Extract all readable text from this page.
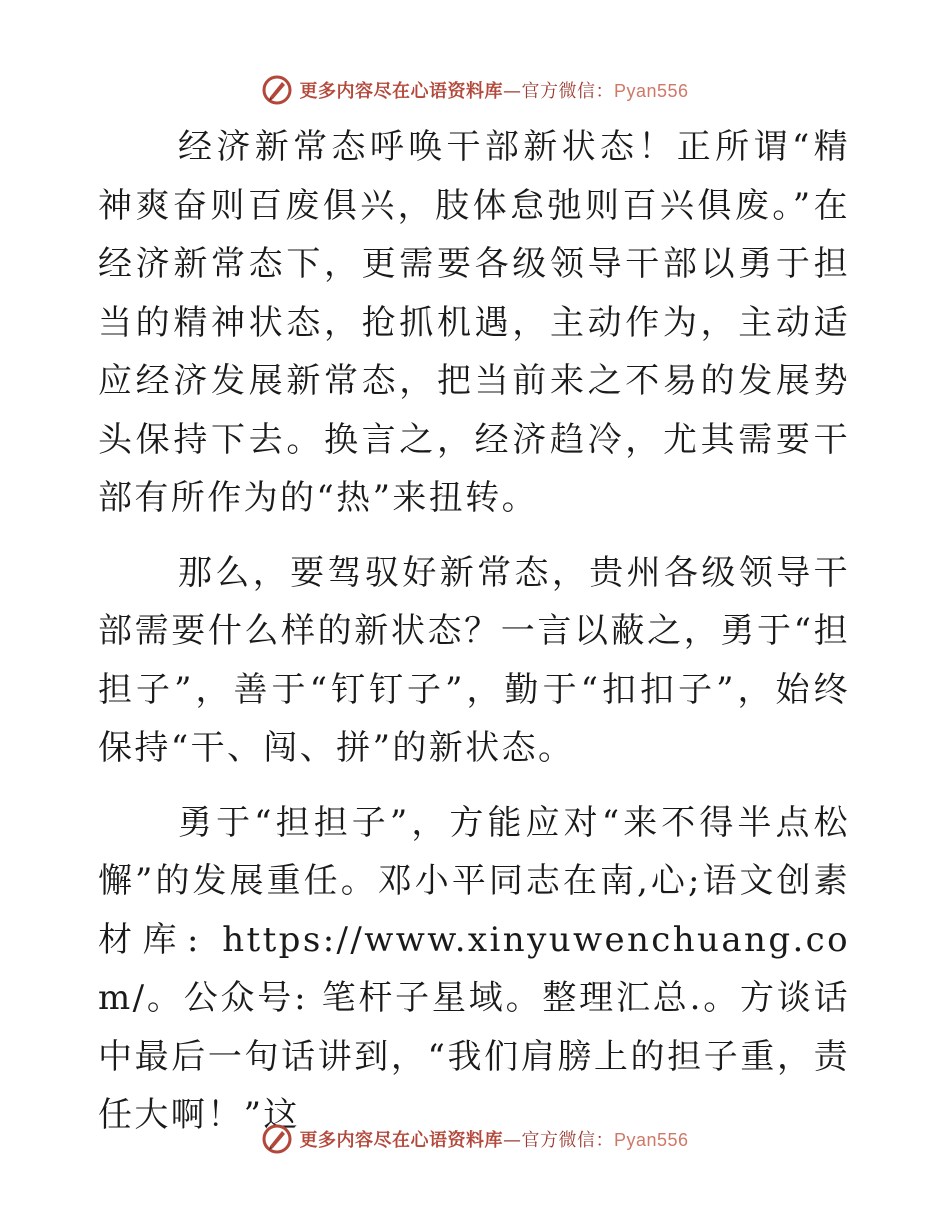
更多内容尽在心语资料库—官方微信：Pyan556

经济新常态呼唤干部新状态！正所谓“精神爽奋则百废俱兴，肢体怠弛则百兴俱废。”在经济新常态下，更需要各级领导干部以勇于担当的精神状态，抢抓机遇，主动作为，主动适应经济发展新常态，把当前来之不易的发展势头保持下去。换言之，经济趋冷，尤其需要干部有所作为的“热”来扭转。

那么，要驾驭好新常态，贵州各级领导干部需要什么样的新状态？一言以蔽之，勇于“担担子”，善于“钉钉子”，勤于“扣扣子”，始终保持“干、闯、拼”的新状态。

勇于“担担子”，方能应对“来不得半点松懈”的发展重任。邓小平同志在南,心;语文创素材库: https://www.xinyuwenchuang.com/。公众号: 笔杆子星域。整理汇总.。方谈话中最后一句话讲到，“我们肩膀上的担子重，责任大啊！”这

更多内容尽在心语资料库—官方微信：Pyan556
